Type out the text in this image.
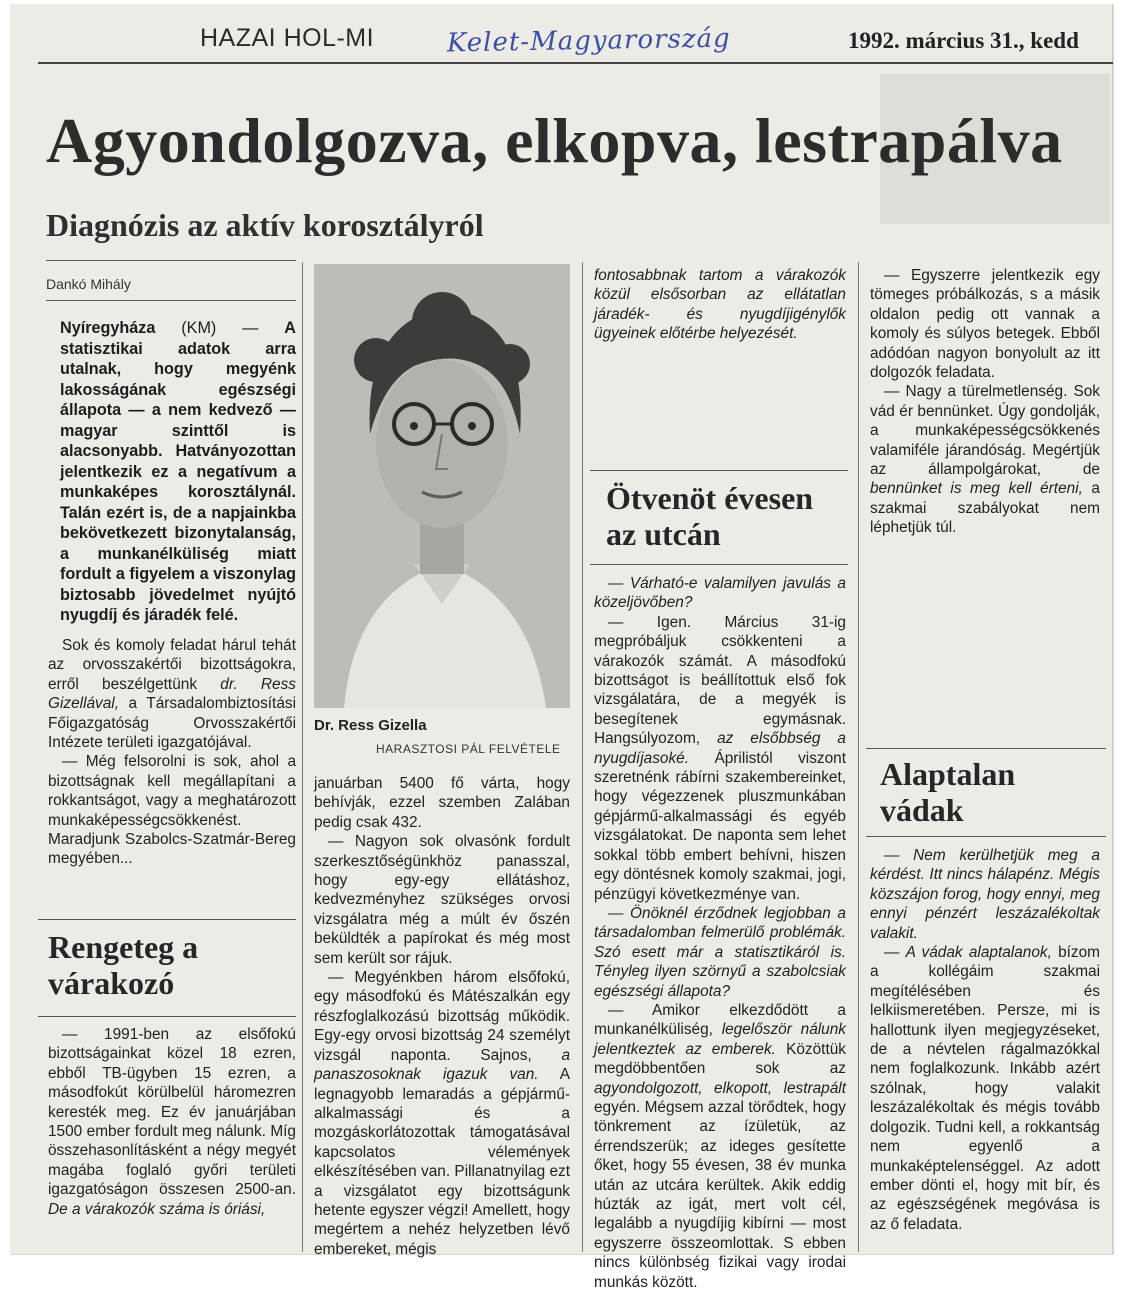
HAZAI HOL-MI	Kelet-Magyarország	1992. március 31., kedd
Agyondolgozva, elkopva, lestrapálva
Diagnózis az aktív korosztályról
Dankó Mihály
Nyíregyháza (KM) — A statisztikai adatok arra utalnak, hogy megyénk lakosságának egészségi állapota — a nem kedvező — magyar szinttől is alacsonyabb. Hatványozottan jelentkezik ez a negatívum a munkaképes korosztálynál. Talán ezért is, de a napjainkba bekövetkezett bizonytalanság, a munkanélküliség miatt fordult a figyelem a viszonylag biztosabb jövedelmet nyújtó nyugdíj és járadék felé.

Sok és komoly feladat hárul tehát az orvosszakértői bizottságokra, erről beszélgettünk dr. Ress Gizellával, a Társadalombiztosítási Főigazgatóság Orvosszakértői Intézete területi igazgatójával.

— Még felsorolni is sok, ahol a bizottságnak kell megállapítani a rokkantságot, vagy a meghatározott munkaképességcsökkenést. Maradjunk Szabolcs-Szatmár-Bereg megyében...

Rengeteg a várakozó

— 1991-ben az elsőfokú bizottságainkat közel 18 ezren, ebből TB-ügyben 15 ezren, a másodfokút körülbelül háromezren keresték meg. Ez év januárjában 1500 ember fordult meg nálunk. Míg összehasonlításként a négy megyét magába foglaló győri területi igazgatóságon összesen 2500-an. De a várakozók száma is óriási,

Dr. Ress Gizella
HARASZTOSI PÁL FELVÉTELE

januárban 5400 fő várta, hogy behívják, ezzel szemben Zalában pedig csak 432.

— Nagyon sok olvasónk fordult szerkesztőségünkhöz panasszal, hogy egy-egy ellátáshoz, kedvezményhez szükséges orvosi vizsgálatra még a múlt év őszén beküldték a papírokat és még most sem került sor rájuk.

— Megyénkben három elsőfokú, egy másodfokú és Mátészalkán egy részfoglalkozású bizottság működik. Egy-egy orvosi bizottság 24 személyt vizsgál naponta. Sajnos, a panaszosoknak igazuk van. A legnagyobb lemaradás a gépjármű-alkalmassági és a mozgáskorlátozottak támogatásával kapcsolatos vélemények elkészítésében van. Pillanatnyilag ezt a vizsgálatot egy bizottságunk hetente egyszer végzi! Amellett, hogy megértem a nehéz helyzetben lévő embereket, mégis

fontosabbnak tartom a várakozók közül elsősorban az ellátatlan járadék- és nyugdíjigénylők ügyeinek előtérbe helyezését.

Ötvenöt évesen az utcán

— Várható-e valamilyen javulás a közeljövőben?

— Igen. Március 31-ig megpróbáljuk csökkenteni a várakozók számát. A másodfokú bizottságot is beállítottuk első fok vizsgálatára, de a megyék is besegítenek egymásnak. Hangsúlyozom, az elsőbbség a nyugdíjasoké. Áprilistól viszont szeretnénk rábírni szakembereinket, hogy végezzenek pluszmunkában gépjármű-alkalmassági és egyéb vizsgálatokat. De naponta sem lehet sokkal több embert behívni, hiszen egy döntésnek komoly szakmai, jogi, pénzügyi következménye van.

— Önöknél érződnek legjobban a társadalomban felmerülő problémák. Szó esett már a statisztikáról is. Tényleg ilyen szörnyű a szabolcsiak egészségi állapota?

— Amikor elkezdődött a munkanélküliség, legelőször nálunk jelentkeztek az emberek. Közöttük megdöbbentően sok az agyondolgozott, elkopott, lestrapált egyén. Mégsem azzal törődtek, hogy tönkrement az ízületük, az érrendszerük; az ideges gesítette őket, hogy 55 évesen, 38 év munka után az utcára kerültek. Akik eddig húzták az igát, mert volt cél, legalább a nyugdíjig kibírni — most egyszerre összeomlottak. S ebben nincs különbség fizikai vagy irodai munkás között.

— Egyszerre jelentkezik egy tömeges próbálkozás, s a másik oldalon pedig ott vannak a komoly és súlyos betegek. Ebből adódóan nagyon bonyolult az itt dolgozók feladata.

— Nagy a türelmetlenség. Sok vád ér bennünket. Úgy gondolják, a munkaképességcsökkenés valamiféle járandóság. Megértjük az állampolgárokat, de bennünket is meg kell érteni, a szakmai szabályokat nem léphetjük túl.

Alaptalan vádak

— Nem kerülhetjük meg a kérdést. Itt nincs hálapénz. Mégis közszájon forog, hogy ennyi, meg ennyi pénzért leszázalékoltak valakit.

— A vádak alaptalanok, bízom a kollégáim szakmai megítélésében és lelkiismeretében. Persze, mi is hallottunk ilyen megjegyzéseket, de a névtelen rágalmazókkal nem foglalkozunk. Inkább azért szólnak, hogy valakit leszázalékoltak és mégis tovább dolgozik. Tudni kell, a rokkantság nem egyenlő a munkaképtelenséggel. Az adott ember dönti el, hogy mit bír, és az egészségének megóvása is az ő feladata.
